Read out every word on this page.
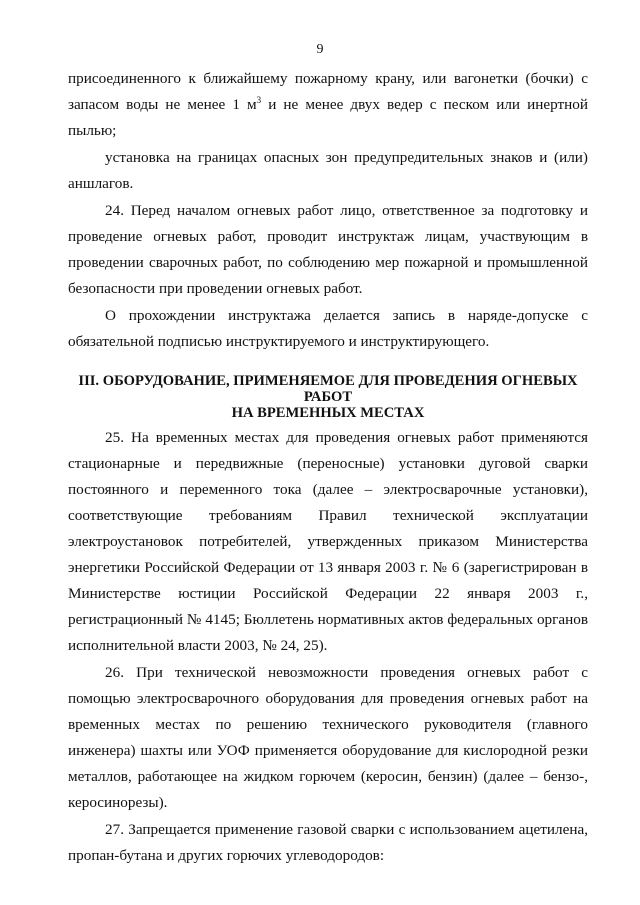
9

присоединенного к ближайшему пожарному крану, или вагонетки (бочки) с запасом воды не менее 1 $м^3$ и не менее двух ведер с песком или инертной пылью;

установка на границах опасных зон предупредительных знаков и (или) аншлагов.

24. Перед началом огневых работ лицо, ответственное за подготовку и проведение огневых работ, проводит инструктаж лицам, участвующим в проведении сварочных работ, по соблюдению мер пожарной и промышленной безопасности при проведении огневых работ.

О прохождении инструктажа делается запись в наряде-допуске с обязательной подписью инструктируемого и инструктирующего.

III. ОБОРУДОВАНИЕ, ПРИМЕНЯЕМОЕ ДЛЯ ПРОВЕДЕНИЯ ОГНЕВЫХ РАБОТ
НА ВРЕМЕННЫХ МЕСТАХ

25. На временных местах для проведения огневых работ применяются стационарные и передвижные (переносные) установки дуговой сварки постоянного и переменного тока (далее – электросварочные установки), соответствующие требованиям Правил технической эксплуатации электроустановок потребителей, утвержденных приказом Министерства энергетики Российской Федерации от 13 января 2003 г. № 6 (зарегистрирован в Министерстве юстиции Российской Федерации 22 января 2003 г., регистрационный № 4145; Бюллетень нормативных актов федеральных органов исполнительной власти 2003, № 24, 25).

26. При технической невозможности проведения огневых работ с помощью электросварочного оборудования для проведения огневых работ на временных местах по решению технического руководителя (главного инженера) шахты или УОФ применяется оборудование для кислородной резки металлов, работающее на жидком горючем (керосин, бензин) (далее – бензо-, керосинорезы).

27. Запрещается применение газовой сварки с использованием ацетилена, пропан-бутана и других горючих углеводородов:
